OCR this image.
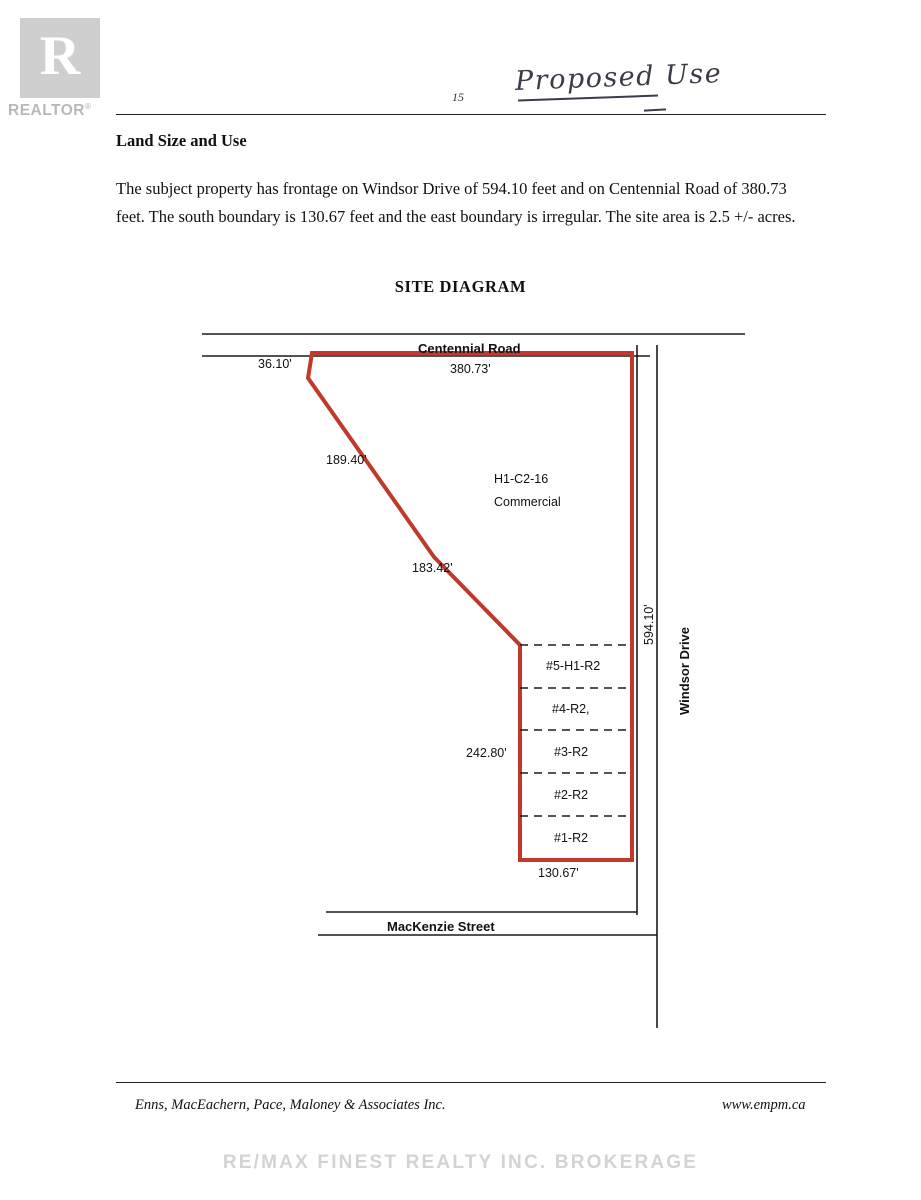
R
REALTOR®
15
Proposed Use
Land Size and Use
The subject property has frontage on Windsor Drive of 594.10 feet and on Centennial Road of 380.73 feet. The south boundary is 130.67 feet and the east boundary is irregular. The site area is 2.5 +/- acres.
SITE DIAGRAM
Centennial Road
Windsor Drive
MacKenzie Street
380.73'
36.10'
189.40'
183.42'
594.10'
130.67'
242.80'
H1-C2-16
Commercial
#5-H1-R2
#4-R2,
#3-R2
#2-R2
#1-R2
Enns, MacEachern, Pace, Maloney & Associates Inc.	www.empm.ca
RE/MAX FINEST REALTY INC. BROKERAGE
